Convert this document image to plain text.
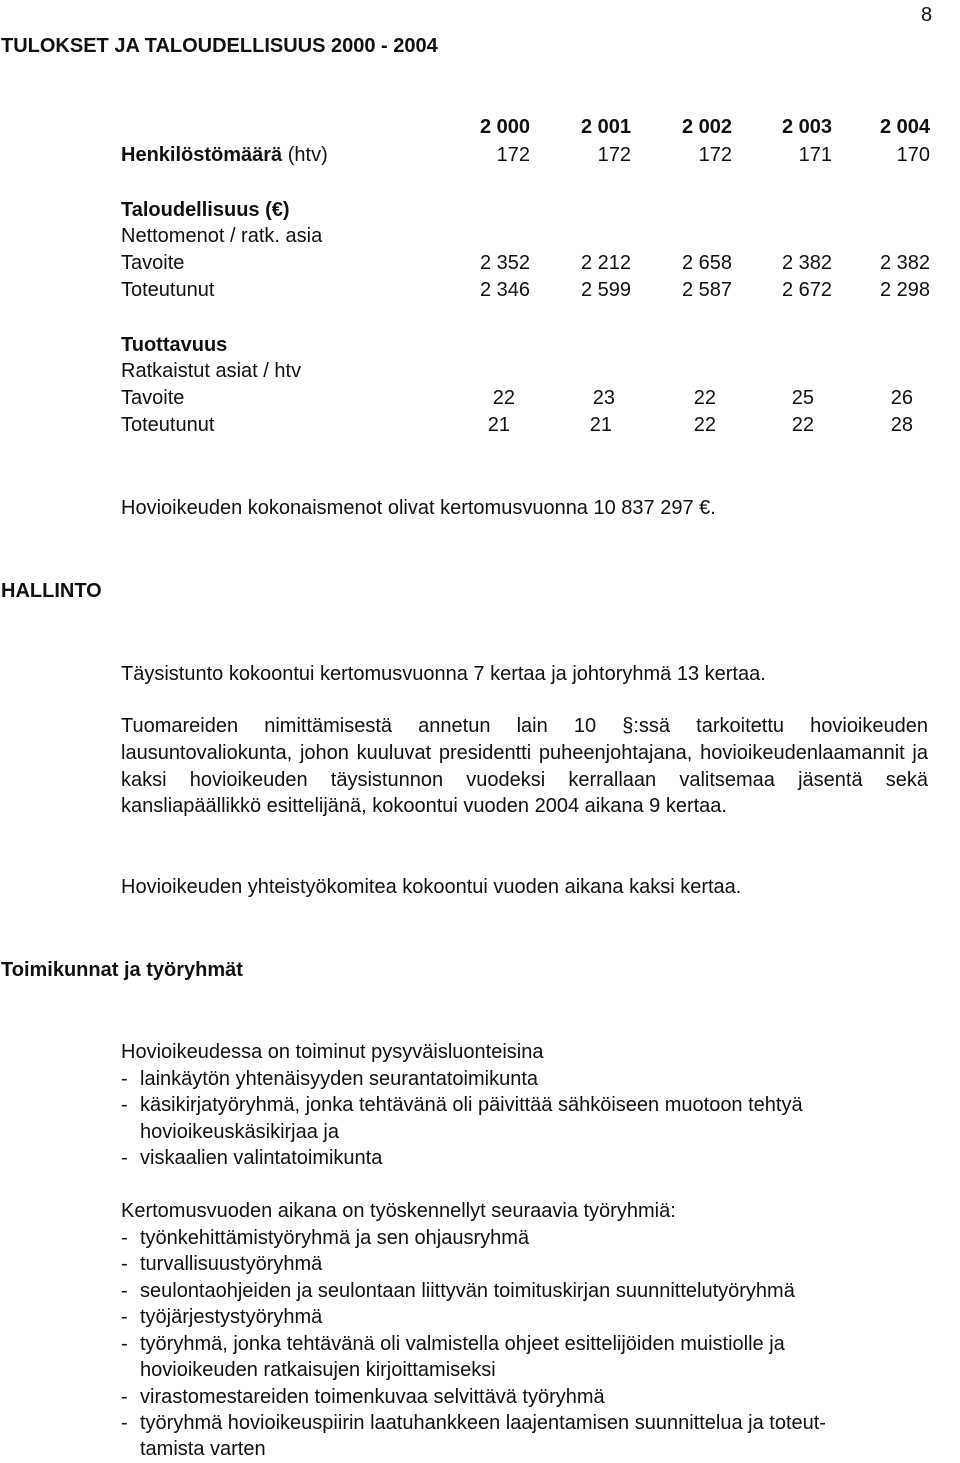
8
TULOKSET JA TALOUDELLISUUS 2000 - 2004
2 000	2 001	2 002	2 003	2 004
Henkilöstömäärä (htv)	172	172	172	171	170
Taloudellisuus (€)
Nettomenot / ratk. asia
Tavoite	2 352	2 212	2 658	2 382	2 382
Toteutunut	2 346	2 599	2 587	2 672	2 298
Tuottavuus
Ratkaistut asiat / htv
Tavoite	22	23	22	25	26
Toteutunut	21	21	22	22	28
Hovioikeuden kokonaismenot olivat kertomusvuonna 10 837 297 €.
HALLINTO
Täysistunto kokoontui kertomusvuonna 7 kertaa ja johtoryhmä 13 kertaa.
Tuomareiden nimittämisestä annetun lain 10 §:ssä tarkoitettu hovioikeuden lausuntovaliokunta, johon kuuluvat presidentti puheenjohtajana, hovioikeudenlaamannit ja kaksi hovioikeuden täysistunnon vuodeksi kerrallaan valitsemaa jäsentä sekä kansliapäällikkö esittelijänä, kokoontui vuoden 2004 aikana 9 kertaa.
Hovioikeuden yhteistyökomitea kokoontui vuoden aikana kaksi kertaa.
Toimikunnat ja työryhmät
Hovioikeudessa on toiminut pysyväisluonteisina
- lainkäytön yhtenäisyyden seurantatoimikunta
- käsikirjatyöryhmä, jonka tehtävänä oli päivittää sähköiseen muotoon tehtyä
hovioikeuskäsikirjaa ja
- viskaalien valintatoimikunta
Kertomusvuoden aikana on työskennellyt seuraavia työryhmiä:
- työnkehittämistyöryhmä ja sen ohjausryhmä
- turvallisuustyöryhmä
- seulontaohjeiden ja seulontaan liittyvän toimituskirjan suunnittelutyöryhmä
- työjärjestystyöryhmä
- työryhmä, jonka tehtävänä oli valmistella ohjeet esittelijöiden muistiolle ja
hovioikeuden ratkaisujen kirjoittamiseksi
- virastomestareiden toimenkuvaa selvittävä työryhmä
- työryhmä hovioikeuspiirin laatuhankkeen laajentamisen suunnittelua ja toteut-
tamista varten
